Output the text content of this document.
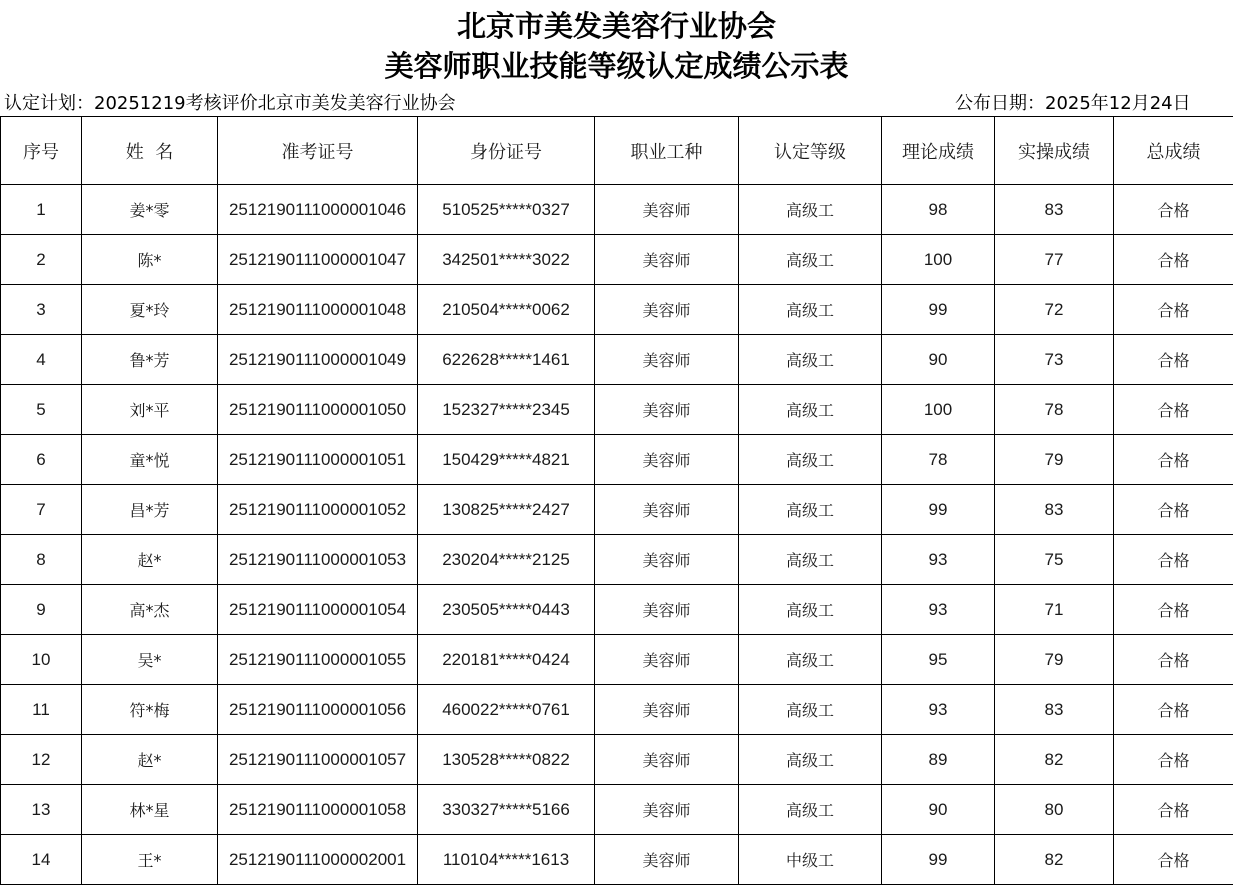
北京市美发美容行业协会
美容师职业技能等级认定成绩公示表
认定计划：20251219考核评价北京市美发美容行业协会	公布日期：2025年12月24日
序号	姓  名	准考证号	身份证号	职业工种	认定等级	理论成绩	实操成绩	总成绩
1	姜*零	2512190111000001046	510525*****0327	美容师	高级工	98	83	合格
2	陈*	2512190111000001047	342501*****3022	美容师	高级工	100	77	合格
3	夏*玲	2512190111000001048	210504*****0062	美容师	高级工	99	72	合格
4	鲁*芳	2512190111000001049	622628*****1461	美容师	高级工	90	73	合格
5	刘*平	2512190111000001050	152327*****2345	美容师	高级工	100	78	合格
6	童*悦	2512190111000001051	150429*****4821	美容师	高级工	78	79	合格
7	昌*芳	2512190111000001052	130825*****2427	美容师	高级工	99	83	合格
8	赵*	2512190111000001053	230204*****2125	美容师	高级工	93	75	合格
9	高*杰	2512190111000001054	230505*****0443	美容师	高级工	93	71	合格
10	吴*	2512190111000001055	220181*****0424	美容师	高级工	95	79	合格
11	符*梅	2512190111000001056	460022*****0761	美容师	高级工	93	83	合格
12	赵*	2512190111000001057	130528*****0822	美容师	高级工	89	82	合格
13	林*星	2512190111000001058	330327*****5166	美容师	高级工	90	80	合格
14	王*	2512190111000002001	110104*****1613	美容师	中级工	99	82	合格
